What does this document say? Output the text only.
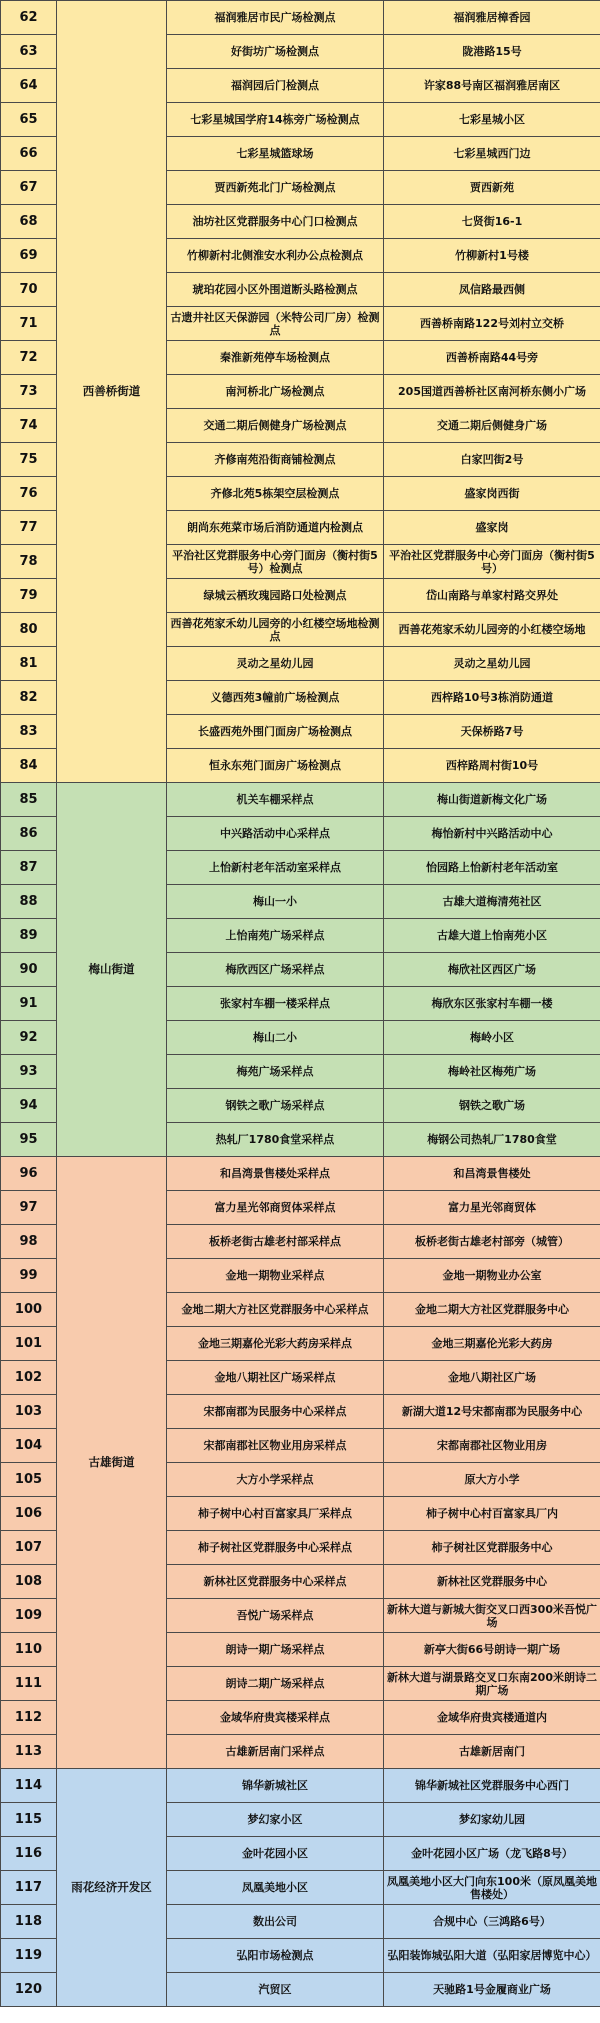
62	西善桥街道	福润雅居市民广场检测点	福润雅居樟香园
63		好街坊广场检测点	陇港路15号
64		福润园后门检测点	许家88号南区福润雅居南区
65		七彩星城国学府14栋旁广场检测点	七彩星城小区
66		七彩星城篮球场	七彩星城西门边
67		贾西新苑北门广场检测点	贾西新苑
68		油坊社区党群服务中心门口检测点	七贤街16-1
69		竹柳新村北侧淮安水利办公点检测点	竹柳新村1号楼
70		琥珀花园小区外围道断头路检测点	凤信路最西侧
71		古遗井社区天保游园（米特公司厂房）检测点	西善桥南路122号刘村立交桥
72		秦淮新苑停车场检测点	西善桥南路44号旁
73		南河桥北广场检测点	205国道西善桥社区南河桥东侧小广场
74		交通二期后侧健身广场检测点	交通二期后侧健身广场
75		齐修南苑沿街商铺检测点	白家凹街2号
76		齐修北苑5栋架空层检测点	盛家岗西街
77		朗尚东苑菜市场后消防通道内检测点	盛家岗
78		平治社区党群服务中心旁门面房（衡村街5号）检测点	平治社区党群服务中心旁门面房（衡村街5号）
79		绿城云栖玫瑰园路口处检测点	岱山南路与单家村路交界处
80		西善花苑家禾幼儿园旁的小红楼空场地检测点	西善花苑家禾幼儿园旁的小红楼空场地
81		灵动之星幼儿园	灵动之星幼儿园
82		义德西苑3幢前广场检测点	西梓路10号3栋消防通道
83		长盛西苑外围门面房广场检测点	天保桥路7号
84		恒永东苑门面房广场检测点	西梓路周村街10号
85	梅山街道	机关车棚采样点	梅山街道新梅文化广场
86		中兴路活动中心采样点	梅怡新村中兴路活动中心
87		上怡新村老年活动室采样点	怡园路上怡新村老年活动室
88		梅山一小	古雄大道梅清苑社区
89		上怡南苑广场采样点	古雄大道上怡南苑小区
90		梅欣西区广场采样点	梅欣社区西区广场
91		张家村车棚一楼采样点	梅欣东区张家村车棚一楼
92		梅山二小	梅岭小区
93		梅苑广场采样点	梅岭社区梅苑广场
94		钢铁之歌广场采样点	钢铁之歌广场
95		热轧厂1780食堂采样点	梅钢公司热轧厂1780食堂
96	古雄街道	和昌湾景售楼处采样点	和昌湾景售楼处
97		富力星光邻商贸体采样点	富力星光邻商贸体
98		板桥老街古雄老村部采样点	板桥老街古雄老村部旁（城管）
99		金地一期物业采样点	金地一期物业办公室
100		金地二期大方社区党群服务中心采样点	金地二期大方社区党群服务中心
101		金地三期嘉伦光彩大药房采样点	金地三期嘉伦光彩大药房
102		金地八期社区广场采样点	金地八期社区广场
103		宋都南郡为民服务中心采样点	新湖大道12号宋都南郡为民服务中心
104		宋都南郡社区物业用房采样点	宋都南郡社区物业用房
105		大方小学采样点	原大方小学
106		柿子树中心村百富家具厂采样点	柿子树中心村百富家具厂内
107		柿子树社区党群服务中心采样点	柿子树社区党群服务中心
108		新林社区党群服务中心采样点	新林社区党群服务中心
109		吾悦广场采样点	新林大道与新城大街交叉口西300米吾悦广场
110		朗诗一期广场采样点	新亭大街66号朗诗一期广场
111		朗诗二期广场采样点	新林大道与湖景路交叉口东南200米朗诗二期广场
112		金域华府贵宾楼采样点	金域华府贵宾楼通道内
113		古雄新居南门采样点	古雄新居南门
114	雨花经济开发区	锦华新城社区	锦华新城社区党群服务中心西门
115		梦幻家小区	梦幻家幼儿园
116		金叶花园小区	金叶花园小区广场（龙飞路8号）
117		凤凰美地小区	凤凰美地小区大门向东100米（原凤凰美地售楼处）
118		数出公司	合规中心（三鸿路6号）
119		弘阳市场检测点	弘阳装饰城弘阳大道（弘阳家居博览中心）
120		汽贸区	天驰路1号金履商业广场
